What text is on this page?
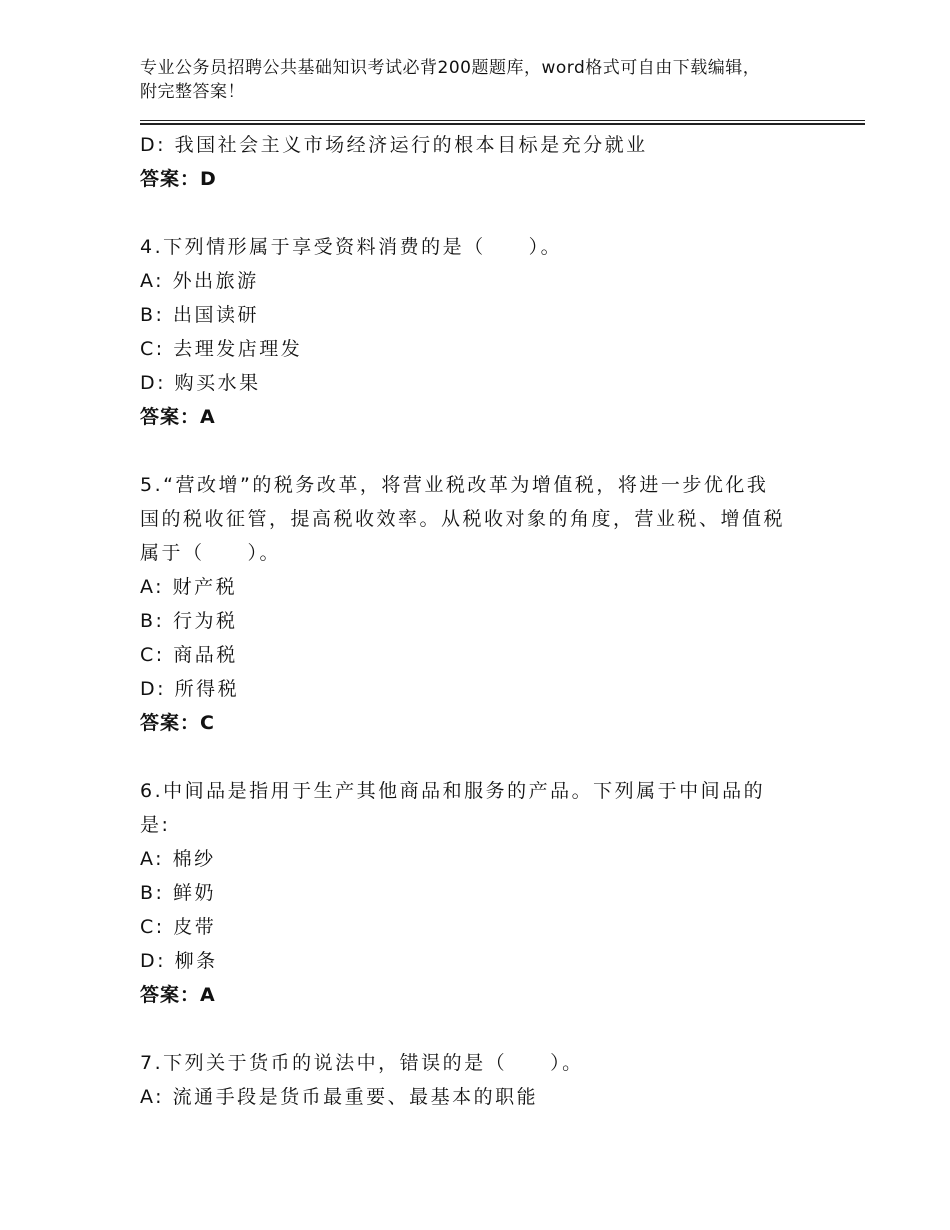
专业公务员招聘公共基础知识考试必背200题题库，word格式可自由下载编辑，
附完整答案！
D: 我国社会主义市场经济运行的根本目标是充分就业
答案：D
4.下列情形属于享受资料消费的是（　　）。
A: 外出旅游
B: 出国读研
C: 去理发店理发
D: 购买水果
答案：A
5.“营改增”的税务改革，将营业税改革为增值税，将进一步优化我
国的税收征管，提高税收效率。从税收对象的角度，营业税、增值税
属于（　　）。
A: 财产税
B: 行为税
C: 商品税
D: 所得税
答案：C
6.中间品是指用于生产其他商品和服务的产品。下列属于中间品的
是:
A: 棉纱
B: 鲜奶
C: 皮带
D: 柳条
答案：A
7.下列关于货币的说法中，错误的是（　　）。
A: 流通手段是货币最重要、最基本的职能
